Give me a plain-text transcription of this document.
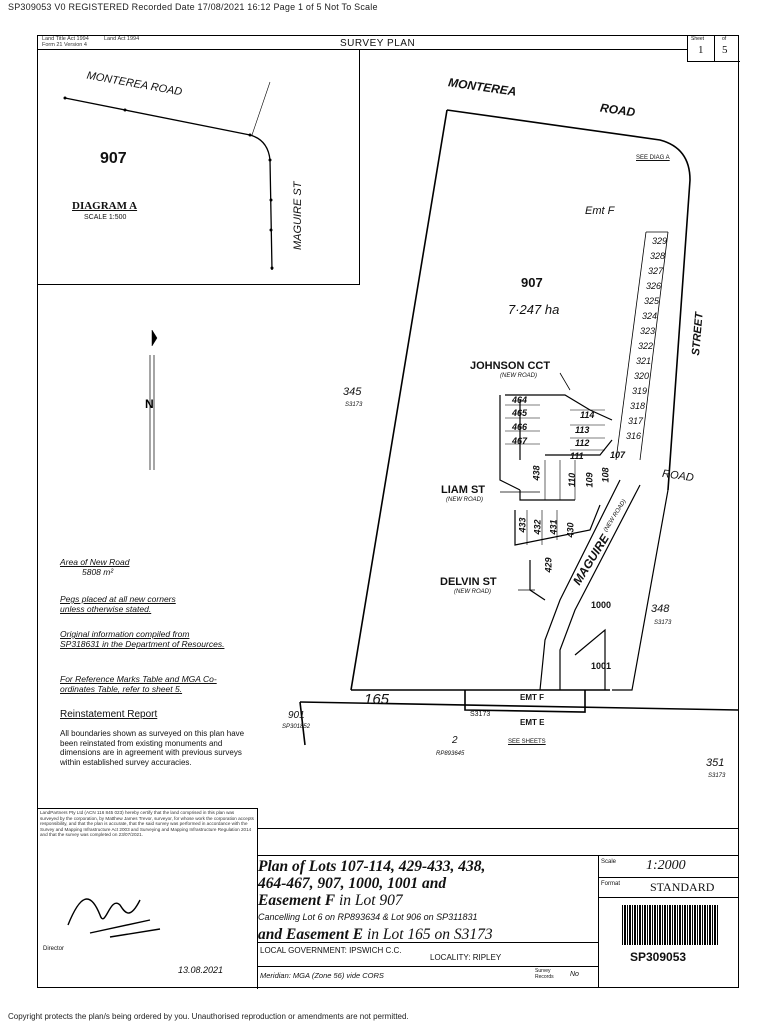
SP309053 V0 REGISTERED Recorded Date 17/08/2021 16:12 Page 1 of 5 Not To Scale
Copyright protects the plan/s being ordered by you. Unauthorised reproduction or amendments are not permitted.
Land Title Act 1994
Form 21 Version 4
Land Act 1994	SURVEY PLAN	Sheet	of
1 5
N
MONTEREA ROAD
907
DIAGRAM A
SCALE 1:500	MAGUIRE ST
MONTEREA
ROAD
SEE DIAG A
Emt F
907
7·247 ha
STREET
345
S3173
JOHNSON CCT
(NEW ROAD)
LIAM ST
(NEW ROAD)
DELVIN ST
(NEW ROAD)
MAGUIRE
(NEW ROAD)
ROAD
1000
1001
348
S3173
165
901
SP301852
S3173
EMT F
EMT E
2
RP893645
SEE SHEETS
351
S3173
329
328
327
326
325
324
323
322
321
320
319
318
317
316
464
465
466
467
114
113
112
111	107
438	110 109 108
433 432 431 430
429
Area of New Road
5808 m²
Pegs placed at all new corners unless otherwise stated.
Original information compiled from SP318631 in the Department of Resources.
For Reference Marks Table and MGA Co-ordinates Table, refer to sheet 5.
Reinstatement Report
All boundaries shown as surveyed on this plan have been reinstated from existing monuments and dimensions are in agreement with previous surveys within established survey accuracies.
LandPartners Pty Ltd (ACN 116 845 023) hereby certify that the land comprised in this plan was surveyed by the corporation, by Matthew James Trevor, surveyor, for whose work the corporation accepts responsibility, and that the plan is accurate, that the said survey was performed in accordance with the Survey and Mapping Infrastructure Act 2003 and Surveying and Mapping Infrastructure Regulation 2014 and that the survey was completed on 23/07/2021.
Director
13.08.2021
Plan of Lots 107-114, 429-433, 438,
464-467, 907, 1000, 1001 and
Easement F in Lot 907
Cancelling Lot 6 on RP893634 & Lot 906 on SP311831
and Easement E in Lot 165 on S3173
LOCAL GOVERNMENT: IPSWICH C.C.
LOCALITY: RIPLEY
Meridian: MGA (Zone 56) vide CORS	Survey Records	No
Scale 1:2000
Format STANDARD
SP309053
